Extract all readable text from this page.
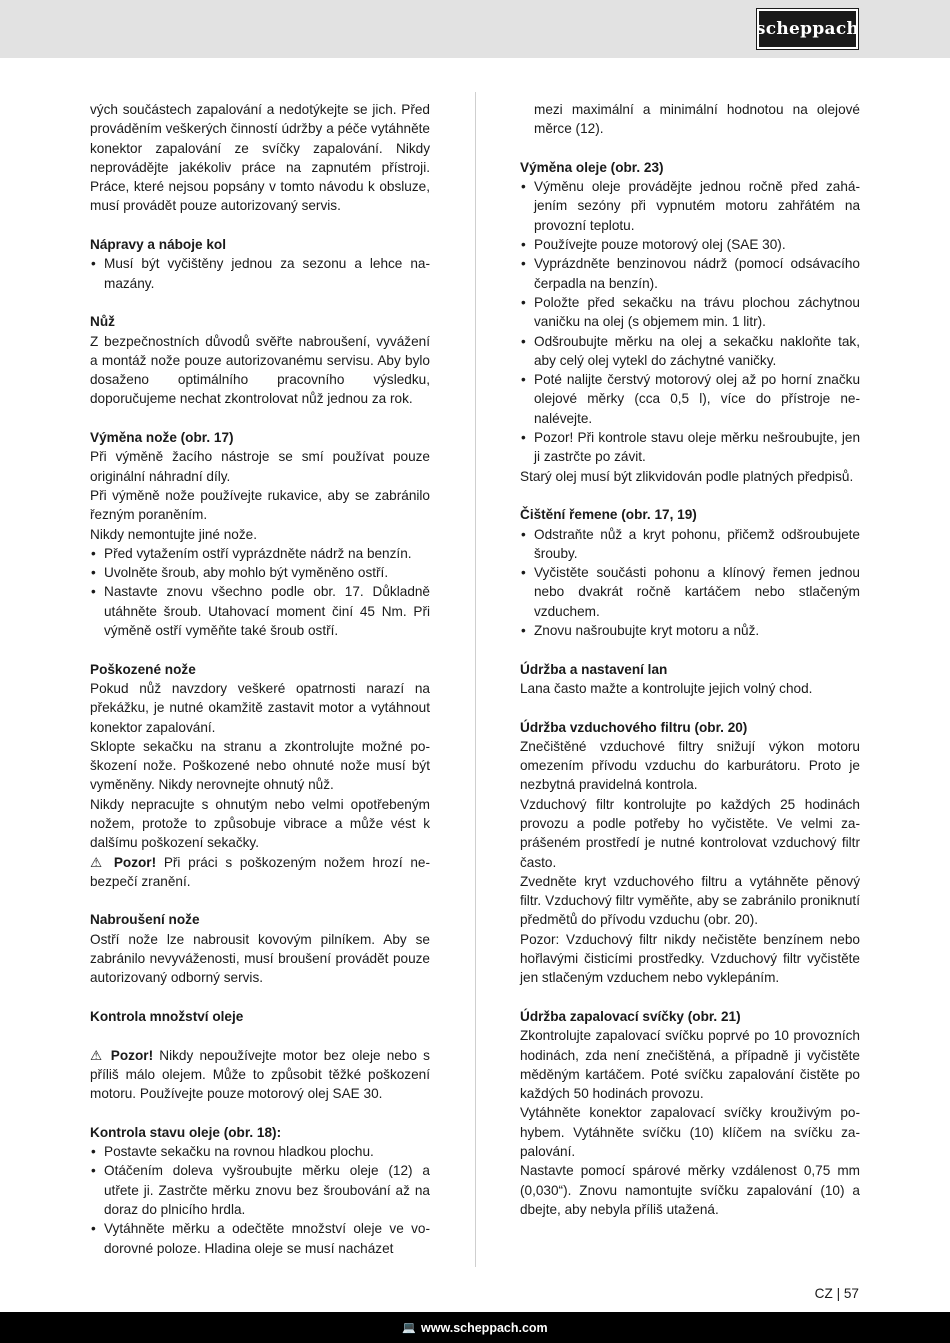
scheppach

vých součástech zapalování a nedotýkejte se jich. Před prováděním veškerých činností údržby a péče vytáhněte konektor zapalování ze svíčky zapalování. Nikdy neprovádějte jakékoliv práce na zapnutém přístroji. Práce, které nejsou popsány v tomto návodu k obsluze, musí provádět pouze autorizovaný servis.

Nápravy a náboje kol

• Musí být vyčištěny jednou za sezonu a lehce namazány.

Nůž

Z bezpečnostních důvodů svěřte nabroušení, vyvážení a montáž nože pouze autorizovanému servisu. Aby bylo dosaženo optimálního pracovního výsledku, doporučujeme nechat zkontrolovat nůž jednou za rok.

Výměna nože (obr. 17)

Při výměně žacího nástroje se smí používat pouze originální náhradní díly.

Při výměně nože používejte rukavice, aby se zabránilo řezným poraněním.

Nikdy nemontujte jiné nože.

• Před vytažením ostří vyprázdněte nádrž na benzín.
• Uvolněte šroub, aby mohlo být vyměněno ostří.
• Nastavte znovu všechno podle obr. 17. Důkladně utáhněte šroub. Utahovací moment činí 45 Nm. Při výměně ostří vyměňte také šroub ostří.

Poškozené nože

Pokud nůž navzdory veškeré opatrnosti narazí na překážku, je nutné okamžitě zastavit motor a vytáhnout konektor zapalování.

Sklopte sekačku na stranu a zkontrolujte možné poškození nože. Poškozené nebo ohnuté nože musí být vyměněny. Nikdy nerovnejte ohnutý nůž.

Nikdy nepracujte s ohnutým nebo velmi opotřebeným nožem, protože to způsobuje vibrace a může vést k dalšímu poškození sekačky.

⚠ Pozor! Při práci s poškozeným nožem hrozí nebezpečí zranění.

Nabroušení nože

Ostří nože lze nabrousit kovovým pilníkem. Aby se zabránilo nevyváženosti, musí broušení provádět pouze autorizovaný odborný servis.

Kontrola množství oleje

⚠ Pozor! Nikdy nepoužívejte motor bez oleje nebo s příliš málo olejem. Může to způsobit těžké poškození motoru. Používejte pouze motorový olej SAE 30.

Kontrola stavu oleje (obr. 18):

• Postavte sekačku na rovnou hladkou plochu.
• Otáčením doleva vyšroubujte měrku oleje (12) a utřete ji. Zastrčte měrku znovu bez šroubování až na doraz do plnicího hrdla.
• Vytáhněte měrku a odečtěte množství oleje ve vodorovné poloze. Hladina oleje se musí nacházet

mezi maximální a minimální hodnotou na olejové měrce (12).

Výměna oleje (obr. 23)

• Výměnu oleje provádějte jednou ročně před zahájením sezóny při vypnutém motoru zahřátém na provozní teplotu.
• Používejte pouze motorový olej (SAE 30).
• Vyprázdněte benzinovou nádrž (pomocí odsávacího čerpadla na benzín).
• Položte před sekačku na trávu plochou záchytnou vaničku na olej (s objemem min. 1 litr).
• Odšroubujte měrku na olej a sekačku nakloňte tak, aby celý olej vytekl do záchytné vaničky.
• Poté nalijte čerstvý motorový olej až po horní značku olejové měrky (cca 0,5 l), více do přístroje nenalévejte.
• Pozor! Při kontrole stavu oleje měrku nešroubujte, jen ji zastrčte po závit.

Starý olej musí být zlikvidován podle platných předpisů.

Čištění řemene (obr. 17, 19)

• Odstraňte nůž a kryt pohonu, přičemž odšroubujete šrouby.
• Vyčistěte součásti pohonu a klínový řemen jednou nebo dvakrát ročně kartáčem nebo stlačeným vzduchem.
• Znovu našroubujte kryt motoru a nůž.

Údržba a nastavení lan

Lana často mažte a kontrolujte jejich volný chod.

Údržba vzduchového filtru (obr. 20)

Znečištěné vzduchové filtry snižují výkon motoru omezením přívodu vzduchu do karburátoru. Proto je nezbytná pravidelná kontrola.

Vzduchový filtr kontrolujte po každých 25 hodinách provozu a podle potřeby ho vyčistěte. Ve velmi zaprášeném prostředí je nutné kontrolovat vzduchový filtr často.

Zvedněte kryt vzduchového filtru a vytáhněte pěnový filtr. Vzduchový filtr vyměňte, aby se zabránilo proniknutí předmětů do přívodu vzduchu (obr. 20).

Pozor: Vzduchový filtr nikdy nečistěte benzínem nebo hořlavými čisticími prostředky. Vzduchový filtr vyčistěte jen stlačeným vzduchem nebo vyklepáním.

Údržba zapalovací svíčky (obr. 21)

Zkontrolujte zapalovací svíčku poprvé po 10 provozních hodinách, zda není znečištěná, a případně ji vyčistěte měděným kartáčem. Poté svíčku zapalování čistěte po každých 50 hodinách provozu.

Vytáhněte konektor zapalovací svíčky krouživým pohybem. Vytáhněte svíčku (10) klíčem na svíčku zapalování.

Nastavte pomocí spárové měrky vzdálenost 0,75 mm (0,030“). Znovu namontujte svíčku zapalování (10) a dbejte, aby nebyla příliš utažená.

CZ | 57
💻 www.scheppach.com
